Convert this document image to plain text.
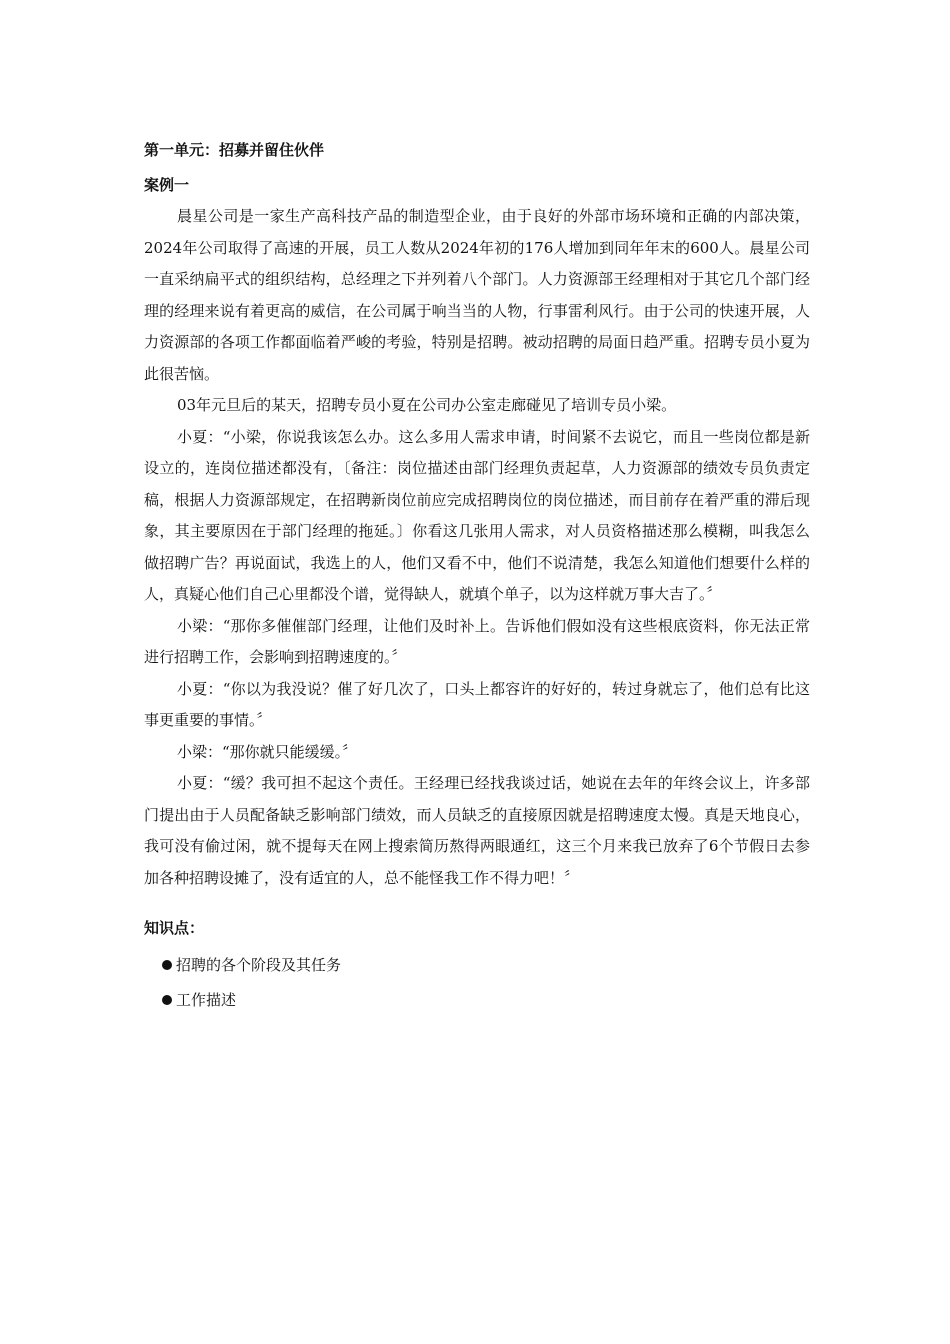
第一单元：招募并留住伙伴
案例一

晨星公司是一家生产高科技产品的制造型企业，由于良好的外部市场环境和正确的内部决策，2024年公司取得了高速的开展，员工人数从2024年初的176人增加到同年年末的600人。晨星公司一直采纳扁平式的组织结构，总经理之下并列着八个部门。人力资源部王经理相对于其它几个部门经理的经理来说有着更高的威信，在公司属于响当当的人物，行事雷利风行。由于公司的快速开展，人力资源部的各项工作都面临着严峻的考验，特别是招聘。被动招聘的局面日趋严重。招聘专员小夏为此很苦恼。

03年元旦后的某天，招聘专员小夏在公司办公室走廊碰见了培训专员小梁。

小夏：“小梁，你说我该怎么办。这么多用人需求申请，时间紧不去说它，而且一些岗位都是新设立的，连岗位描述都没有，〔备注：岗位描述由部门经理负责起草，人力资源部的绩效专员负责定稿，根据人力资源部规定，在招聘新岗位前应完成招聘岗位的岗位描述，而目前存在着严重的滞后现象，其主要原因在于部门经理的拖延。〕你看这几张用人需求，对人员资格描述那么模糊，叫我怎么做招聘广告？再说面试，我选上的人，他们又看不中，他们不说清楚，我怎么知道他们想要什么样的人，真疑心他们自己心里都没个谱，觉得缺人，就填个单子，以为这样就万事大吉了。〞

小梁：“那你多催催部门经理，让他们及时补上。告诉他们假如没有这些根底资料，你无法正常进行招聘工作，会影响到招聘速度的。〞

小夏：“你以为我没说？催了好几次了，口头上都容许的好好的，转过身就忘了，他们总有比这事更重要的事情。〞

小梁：“那你就只能缓缓。〞

小夏：“缓？我可担不起这个责任。王经理已经找我谈过话，她说在去年的年终会议上，许多部门提出由于人员配备缺乏影响部门绩效，而人员缺乏的直接原因就是招聘速度太慢。真是天地良心，我可没有偷过闲，就不提每天在网上搜索简历熬得两眼通红，这三个月来我已放弃了6个节假日去参加各种招聘设摊了，没有适宜的人，总不能怪我工作不得力吧！〞

知识点：
招聘的各个阶段及其任务
工作描述
